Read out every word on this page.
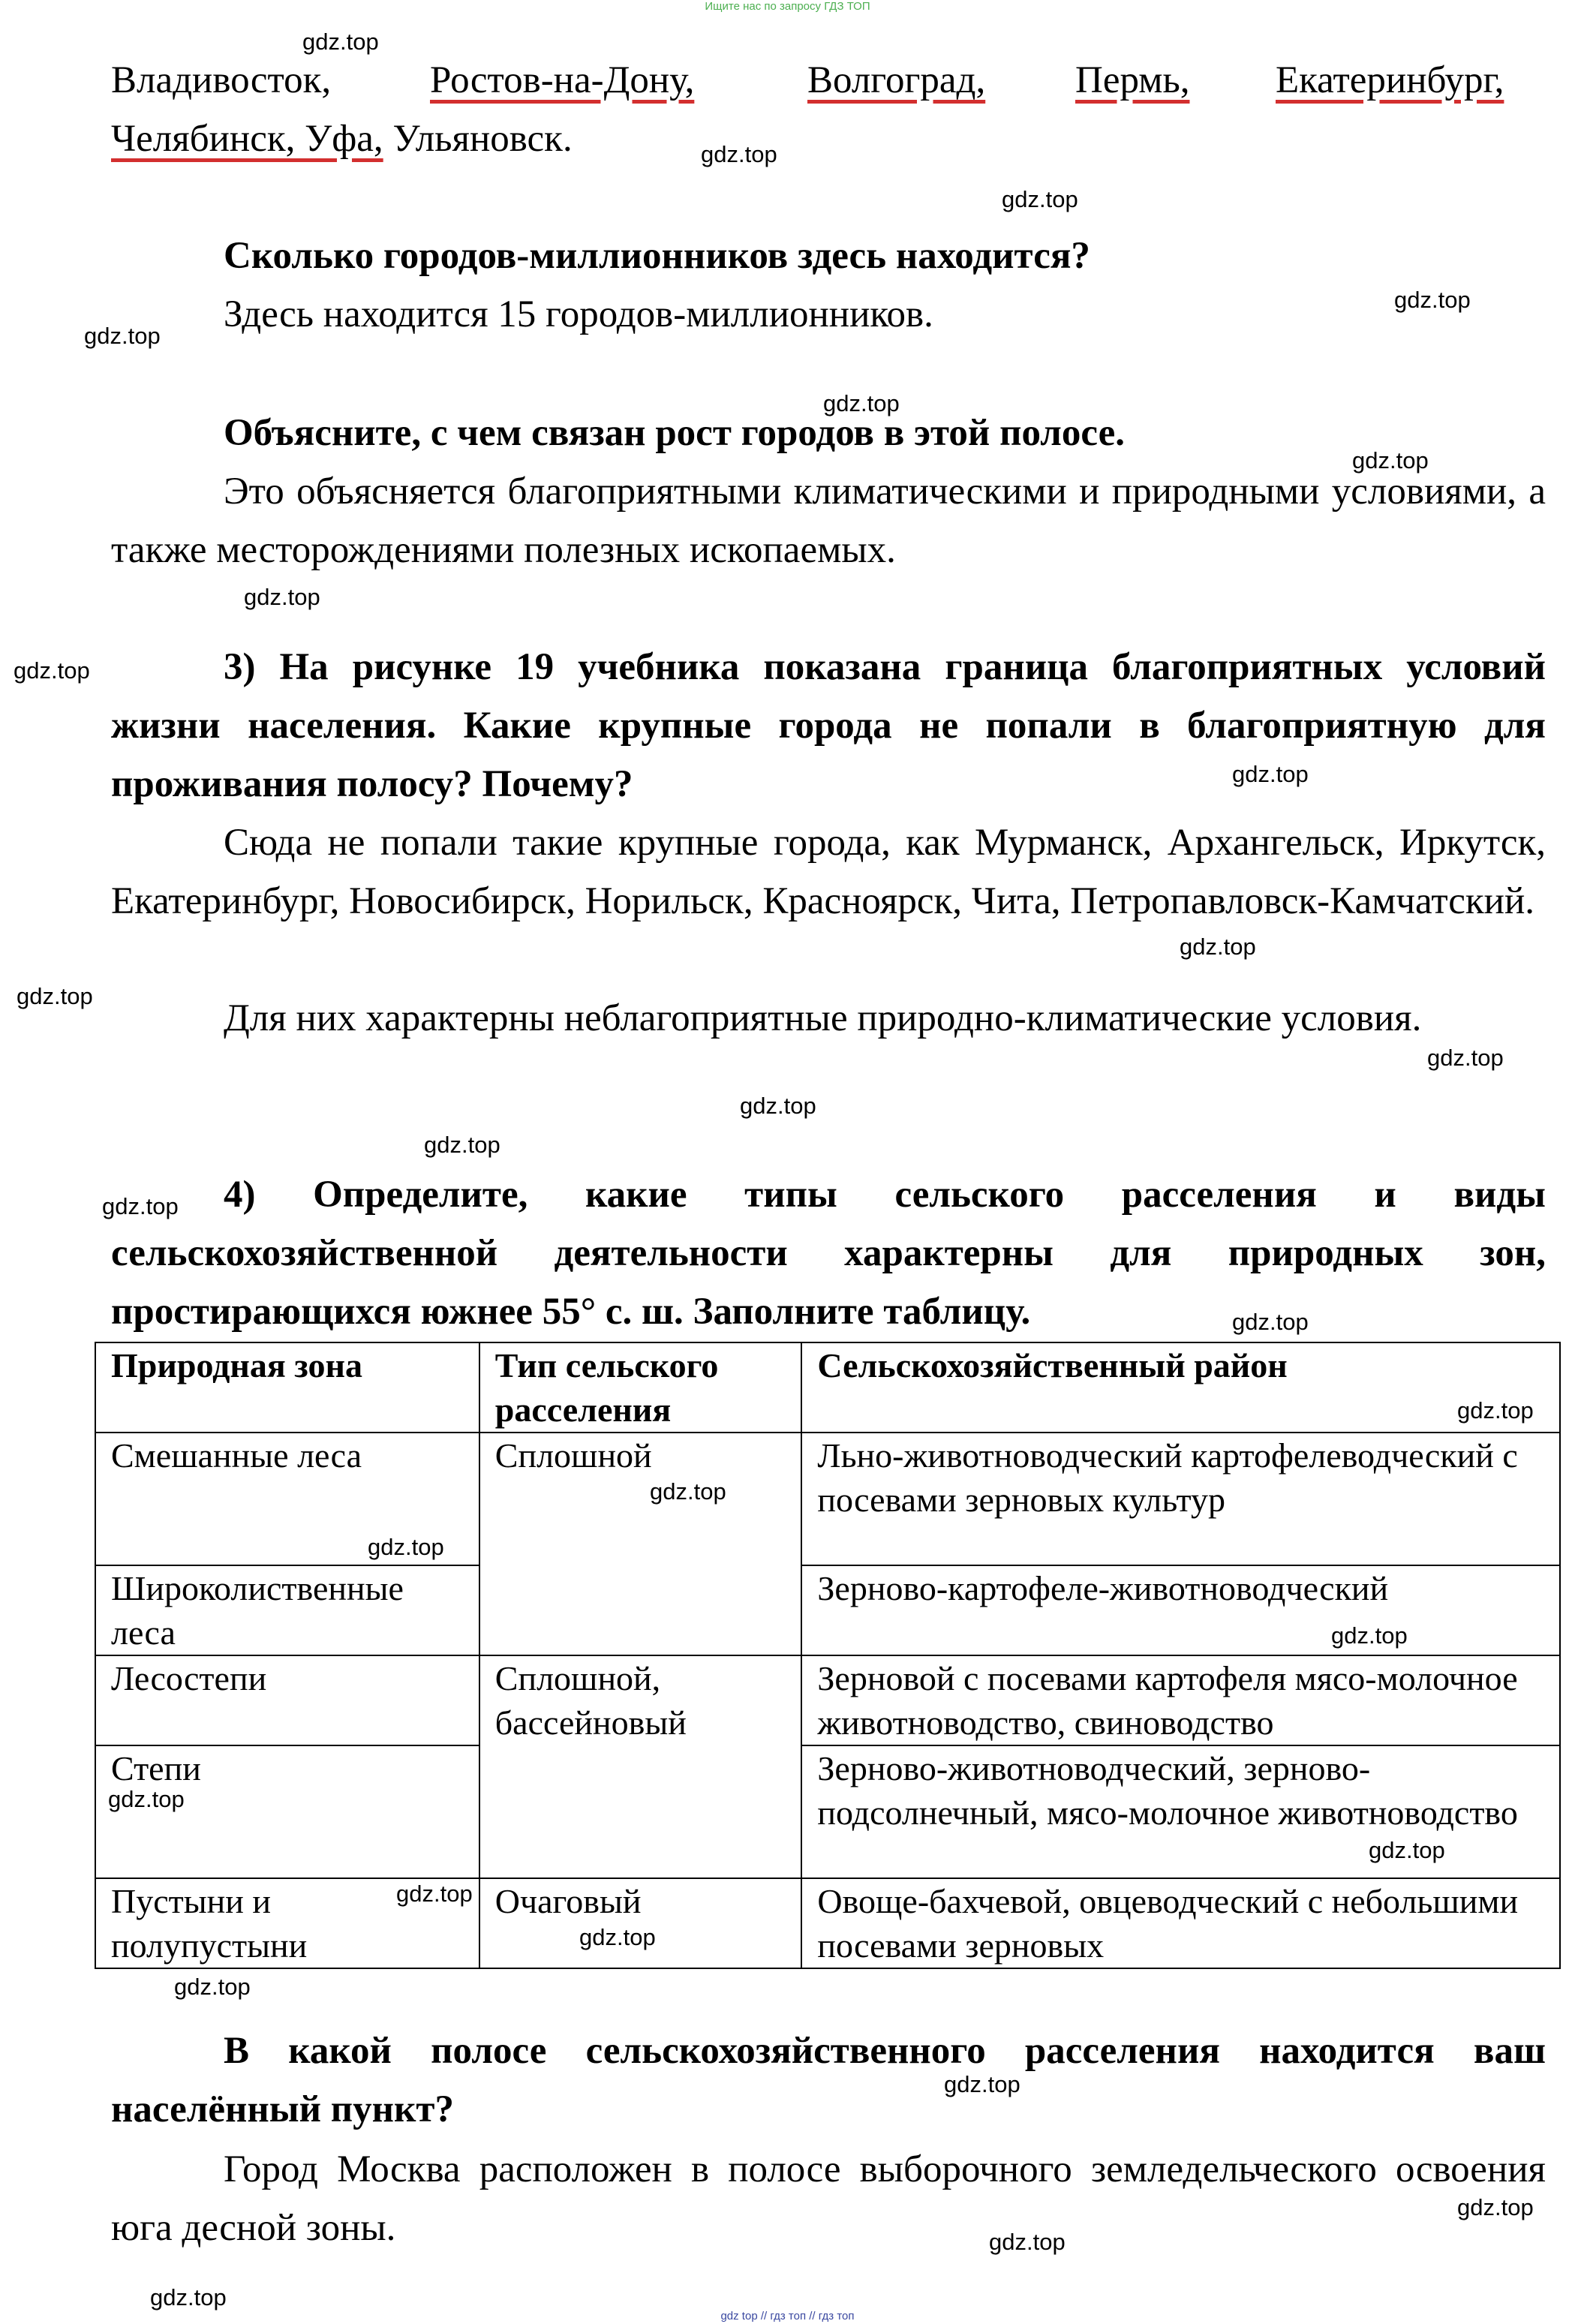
Ищите нас по запросу ГДЗ ТОП
Владивосток,	Ростов-на-Дону,	Волгоград, Пермь, Екатеринбург,
Челябинск, Уфа, Ульяновск.
Сколько городов-миллионников здесь находится?
Здесь находится 15 городов-миллионников.
Объясните, с чем связан рост городов в этой полосе.
Это объясняется благоприятными климатическими и природными условиями, а также месторождениями полезных ископаемых.
3) На рисунке 19 учебника показана граница благоприятных условий жизни населения. Какие крупные города не попали в благоприятную для проживания полосу? Почему?
Сюда не попали такие крупные города, как Мурманск, Архангельск, Иркутск, Екатеринбург, Новосибирск, Норильск, Красноярск, Чита, Петропавловск-Камчатский.
Для них характерны неблагоприятные природно-климатические условия.
4) Определите, какие типы сельского расселения и виды сельскохозяйственной деятельности характерны для природных зон, простирающихся южнее 55° с. ш. Заполните таблицу.
Природная зона	Тип сельского расселения	Сельскохозяйственный район
Смешанные леса	Сплошной	Льно-животноводческий картофелеводческий с посевами зерновых культур
Широколиственные леса		Зерново-картофеле-животноводческий
Лесостепи	Сплошной, бассейновый	Зерновой с посевами картофеля мясо-молочное животноводство, свиноводство
Степи		Зерново-животноводческий, зерново-подсолнечный, мясо-молочное животноводство
Пустыни и полупустыни	Очаговый	Овоще-бахчевой, овцеводческий с небольшими посевами зерновых
В какой полосе сельскохозяйственного расселения находится ваш населённый пункт?
Город Москва расположен в полосе выборочного земледельческого освоения юга десной зоны.
gdz.top
gdz.top
gdz.top
gdz.top
gdz.top
gdz.top
gdz.top
gdz.top
gdz.top
gdz.top
gdz.top
gdz.top
gdz.top
gdz.top
gdz.top
gdz.top
gdz.top
gdz.top
gdz.top
gdz.top
gdz.top
gdz.top
gdz.top
gdz.top
gdz.top
gdz.top
gdz.top
gdz.top
gdz.top
gdz.top
gdz top // гдз топ // гдз топ
